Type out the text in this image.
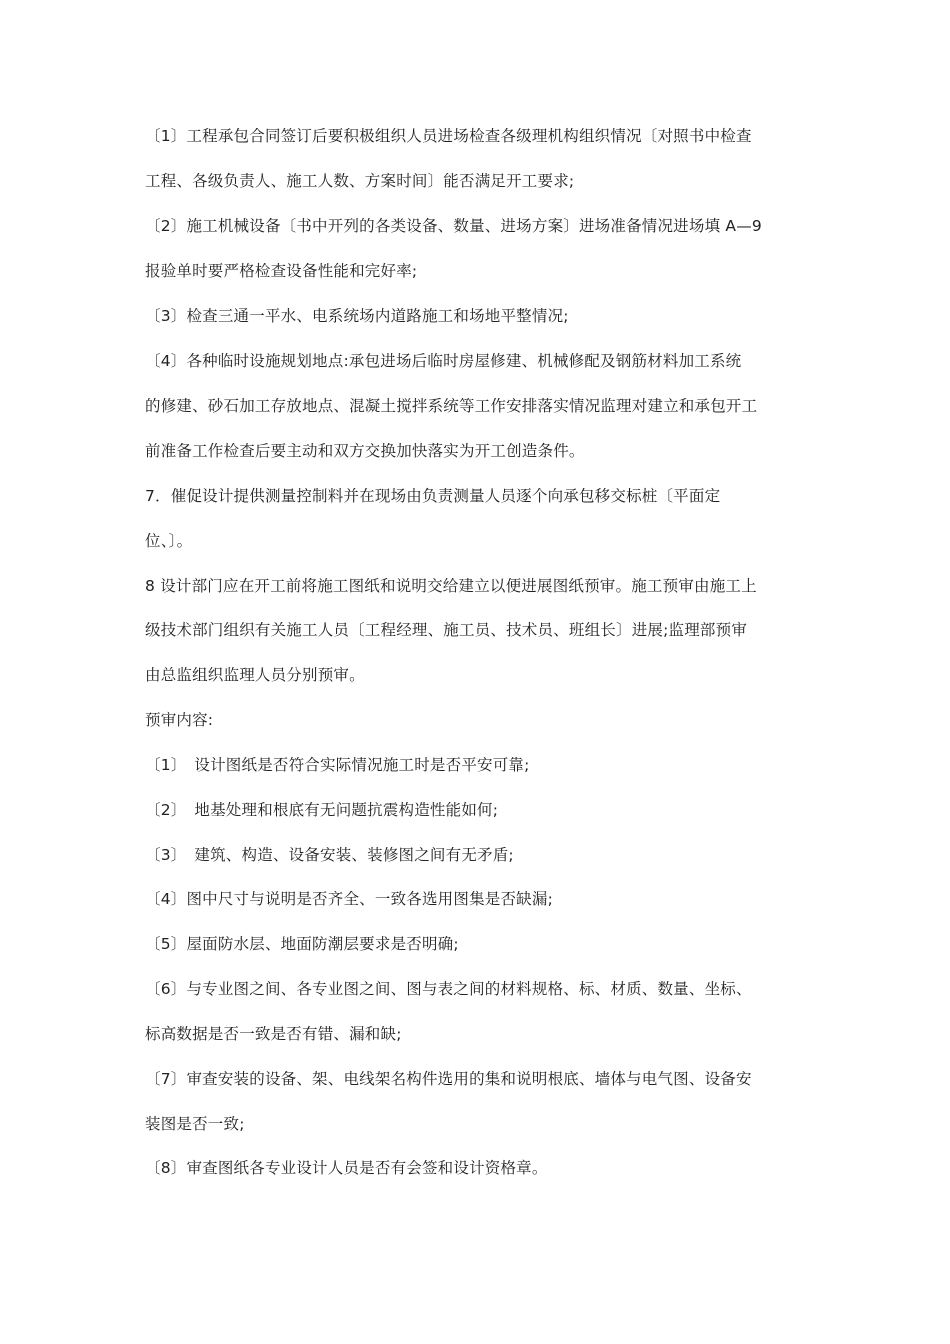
〔1〕工程承包合同签订后要积极组织人员进场检查各级理机构组织情况〔对照书中检查
工程、各级负责人、施工人数、方案时间〕能否满足开工要求;
〔2〕施工机械设备〔书中开列的各类设备、数量、进场方案〕进场准备情况进场填 A—9
报验单时要严格检查设备性能和完好率;
〔3〕检查三通一平水、电系统场内道路施工和场地平整情况;
〔4〕各种临时设施规划地点:承包进场后临时房屋修建、机械修配及钢筋材料加工系统
的修建、砂石加工存放地点、混凝土搅拌系统等工作安排落实情况监理对建立和承包开工
前准备工作检查后要主动和双方交换加快落实为开工创造条件。
7．催促设计提供测量控制料并在现场由负责测量人员逐个向承包移交标桩〔平面定
位、〕。
8 设计部门应在开工前将施工图纸和说明交给建立以便进展图纸预审。施工预审由施工上
级技术部门组织有关施工人员〔工程经理、施工员、技术员、班组长〕进展;监理部预审
由总监组织监理人员分别预审。
预审内容:
〔1〕　设计图纸是否符合实际情况施工时是否平安可靠;
〔2〕　地基处理和根底有无问题抗震构造性能如何;
〔3〕　建筑、构造、设备安装、装修图之间有无矛盾;
〔4〕图中尺寸与说明是否齐全、一致各选用图集是否缺漏;
〔5〕屋面防水层、地面防潮层要求是否明确;
〔6〕与专业图之间、各专业图之间、图与表之间的材料规格、标、材质、数量、坐标、
标高数据是否一致是否有错、漏和缺;
〔7〕审查安装的设备、架、电线架名构件选用的集和说明根底、墙体与电气图、设备安
装图是否一致;
〔8〕审查图纸各专业设计人员是否有会签和设计资格章。
